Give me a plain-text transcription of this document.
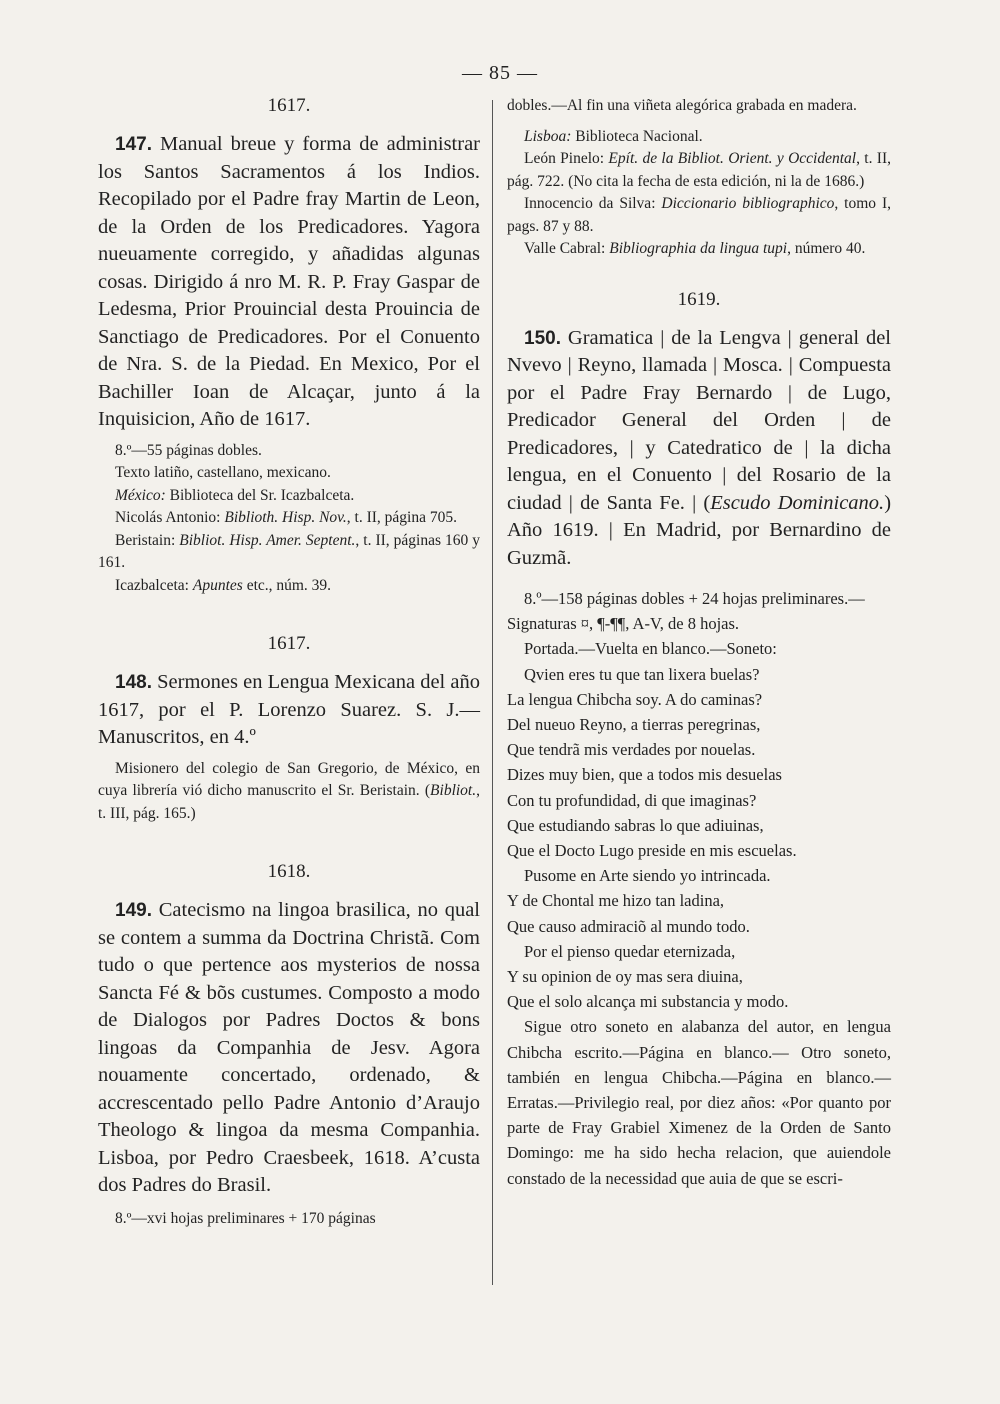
— 85 —

1617.

147. Manual breue y forma de administrar los Santos Sacramentos á los Indios. Recopilado por el Padre fray Martin de Leon, de la Orden de los Predicadores. Yagora nueuamente corregido, y añadidas algunas cosas. Dirigido á nro M. R. P. Fray Gaspar de Ledesma, Prior Prouincial desta Prouincia de Sanctiago de Predicadores. Por el Conuento de Nra. S. de la Piedad. En Mexico, Por el Bachiller Ioan de Alcaçar, junto á la Inquisicion, Año de 1617.

8.º—55 páginas dobles.

Texto latiño, castellano, mexicano.

México: Biblioteca del Sr. Icazbalceta.

Nicolás Antonio: Biblioth. Hisp. Nov., t. II, página 705.

Beristain: Bibliot. Hisp. Amer. Septent., t. II, páginas 160 y 161.

Icazbalceta: Apuntes etc., núm. 39.

1617.

148. Sermones en Lengua Mexicana del año 1617, por el P. Lorenzo Suarez. S. J.— Manuscritos, en 4.º

Misionero del colegio de San Gregorio, de México, en cuya librería vió dicho manuscrito el Sr. Beristain. (Bibliot., t. III, pág. 165.)

1618.

149. Catecismo na lingoa brasilica, no qual se contem a summa da Doctrina Christã. Com tudo o que pertence aos mysterios de nossa Sancta Fé & bõs custumes. Composto a modo de Dialogos por Padres Doctos & bons lingoas da Companhia de Jesv. Agora nouamente concertado, ordenado, & accrescentado pello Padre Antonio d’Araujo Theologo & lingoa da mesma Companhia. Lisboa, por Pedro Craesbeek, 1618. A’custa dos Padres do Brasil.

8.º—xvi hojas preliminares + 170 páginas

dobles.—Al fin una viñeta alegórica grabada en madera.

Lisboa: Biblioteca Nacional.

León Pinelo: Epít. de la Bibliot. Orient. y Occidental, t. II, pág. 722. (No cita la fecha de esta edición, ni la de 1686.)

Innocencio da Silva: Diccionario bibliographico, tomo I, pags. 87 y 88.

Valle Cabral: Bibliographia da lingua tupi, número 40.

1619.

150. Gramatica | de la Lengva | general del Nvevo | Reyno, llamada | Mosca. | Compuesta por el Padre Fray Bernardo | de Lugo, Predicador General del Orden | de Predicadores, | y Catedratico de | la dicha lengua, en el Conuento | del Rosario de la ciudad | de Santa Fe. | (Escudo Dominicano.) Año 1619. | En Madrid, por Bernardino de Guzmã.

8.º—158 páginas dobles + 24 hojas preliminares.—Signaturas ¤, ¶-¶¶, A-V, de 8 hojas.

Portada.—Vuelta en blanco.—Soneto:

Qvien eres tu que tan lixera buelas?

La lengua Chibcha soy. A do caminas?

Del nueuo Reyno, a tierras peregrinas,

Que tendrã mis verdades por nouelas.

Dizes muy bien, que a todos mis desuelas

Con tu profundidad, di que imaginas?

Que estudiando sabras lo que adiuinas,

Que el Docto Lugo preside en mis escuelas.

Pusome en Arte siendo yo intrincada.

Y de Chontal me hizo tan ladina,

Que causo admiraciõ al mundo todo.

Por el pienso quedar eternizada,

Y su opinion de oy mas sera diuina,

Que el solo alcança mi substancia y modo.

Sigue otro soneto en alabanza del autor, en lengua Chibcha escrito.—Página en blanco.— Otro soneto, también en lengua Chibcha.—Página en blanco.—Erratas.—Privilegio real, por diez años: «Por quanto por parte de Fray Grabiel Ximenez de la Orden de Santo Domingo: me ha sido hecha relacion, que auiendole constado de la necessidad que auia de que se escri-
